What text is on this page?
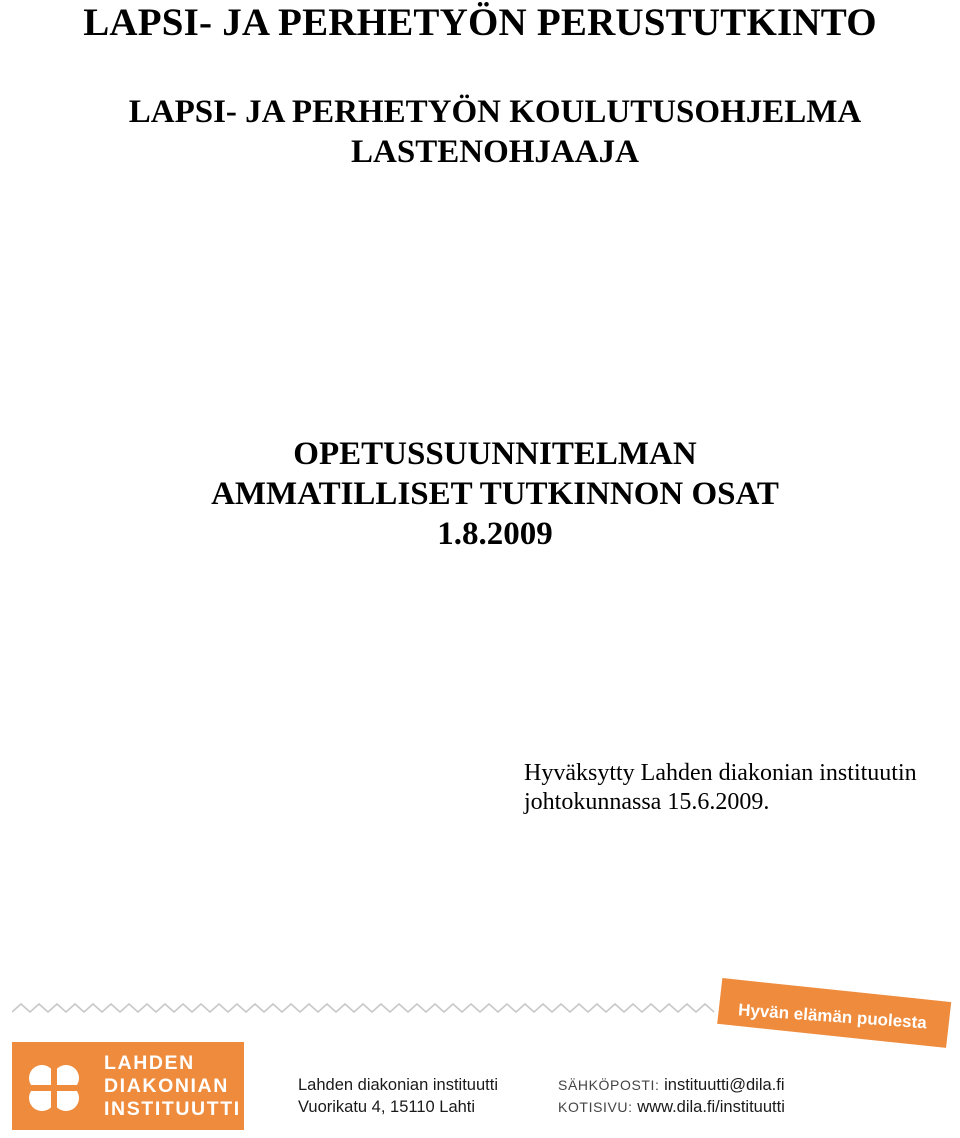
LAPSI- JA PERHETYÖN PERUSTUTKINTO
LAPSI- JA PERHETYÖN KOULUTUSOHJELMA
LASTENOHJAAJA
OPETUSSUUNNITELMAN
AMMATILLISET TUTKINNON OSAT
1.8.2009
Hyväksytty Lahden diakonian instituutin
johtokunnassa 15.6.2009.
Hyvän elämän puolesta
LAHDEN
DIAKONIAN
INSTITUUTTI
Lahden diakonian instituutti
Vuorikatu 4, 15110 Lahti
SÄHKÖPOSTI: instituutti@dila.fi
KOTISIVU: www.dila.fi/instituutti
